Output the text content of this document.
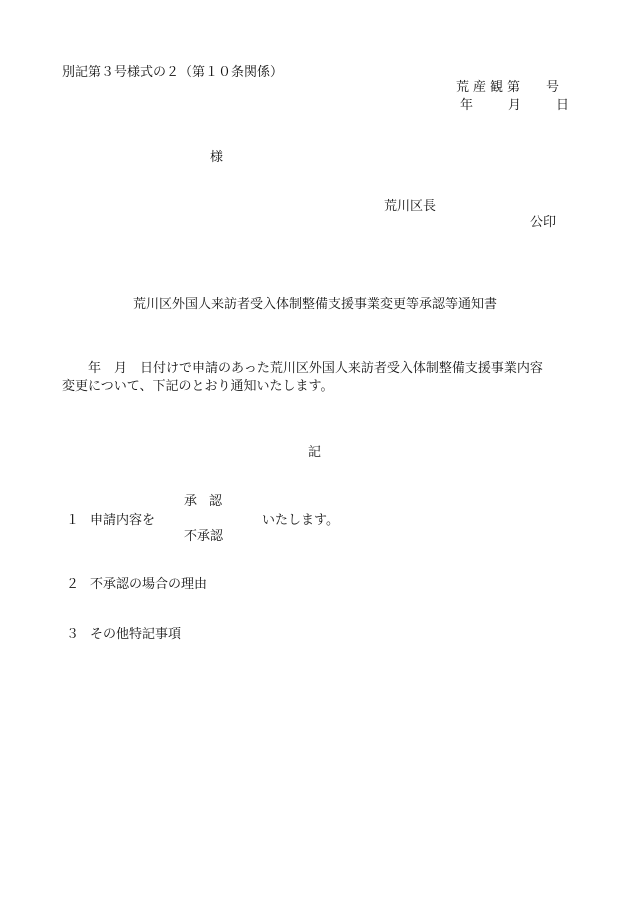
別記第３号様式の２（第１０条関係）
荒産観第 号
年	月	日
様
荒川区長
公印
荒川区外国人来訪者受入体制整備支援事業変更等承認等通知書
年　月　日付けで申請のあった荒川区外国人来訪者受入体制整備支援事業内容
変更について、下記のとおり通知いたします。
記
１ 申請内容を
承認
不承認
いたします。
２ 不承認の場合の理由
３ その他特記事項
